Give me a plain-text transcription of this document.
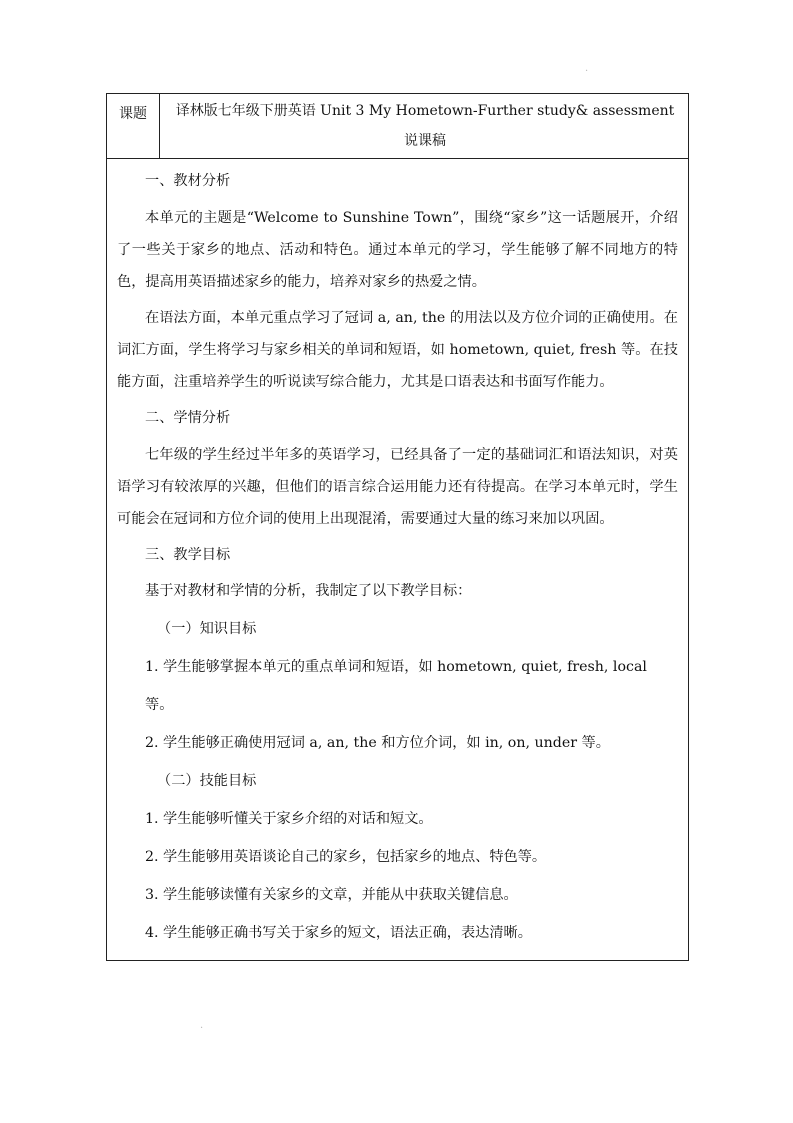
·
·
课题	译林版七年级下册英语 Unit 3 My Hometown-Further study& assessment 说课稿

一、教材分析

本单元的主题是“Welcome to Sunshine Town”，围绕“家乡”这一话题展开，介绍了一些关于家乡的地点、活动和特色。通过本单元的学习，学生能够了解不同地方的特色，提高用英语描述家乡的能力，培养对家乡的热爱之情。

在语法方面，本单元重点学习了冠词 a, an, the 的用法以及方位介词的正确使用。在词汇方面，学生将学习与家乡相关的单词和短语，如 hometown, quiet, fresh 等。在技能方面，注重培养学生的听说读写综合能力，尤其是口语表达和书面写作能力。

二、学情分析

七年级的学生经过半年多的英语学习，已经具备了一定的基础词汇和语法知识，对英语学习有较浓厚的兴趣，但他们的语言综合运用能力还有待提高。在学习本单元时，学生可能会在冠词和方位介词的使用上出现混淆，需要通过大量的练习来加以巩固。

三、教学目标

基于对教材和学情的分析，我制定了以下教学目标：

（一）知识目标

1. 学生能够掌握本单元的重点单词和短语，如 hometown, quiet, fresh, local 等。

2. 学生能够正确使用冠词 a, an, the 和方位介词，如 in, on, under 等。

（二）技能目标

1. 学生能够听懂关于家乡介绍的对话和短文。

2. 学生能够用英语谈论自己的家乡，包括家乡的地点、特色等。

3. 学生能够读懂有关家乡的文章，并能从中获取关键信息。

4. 学生能够正确书写关于家乡的短文，语法正确，表达清晰。
